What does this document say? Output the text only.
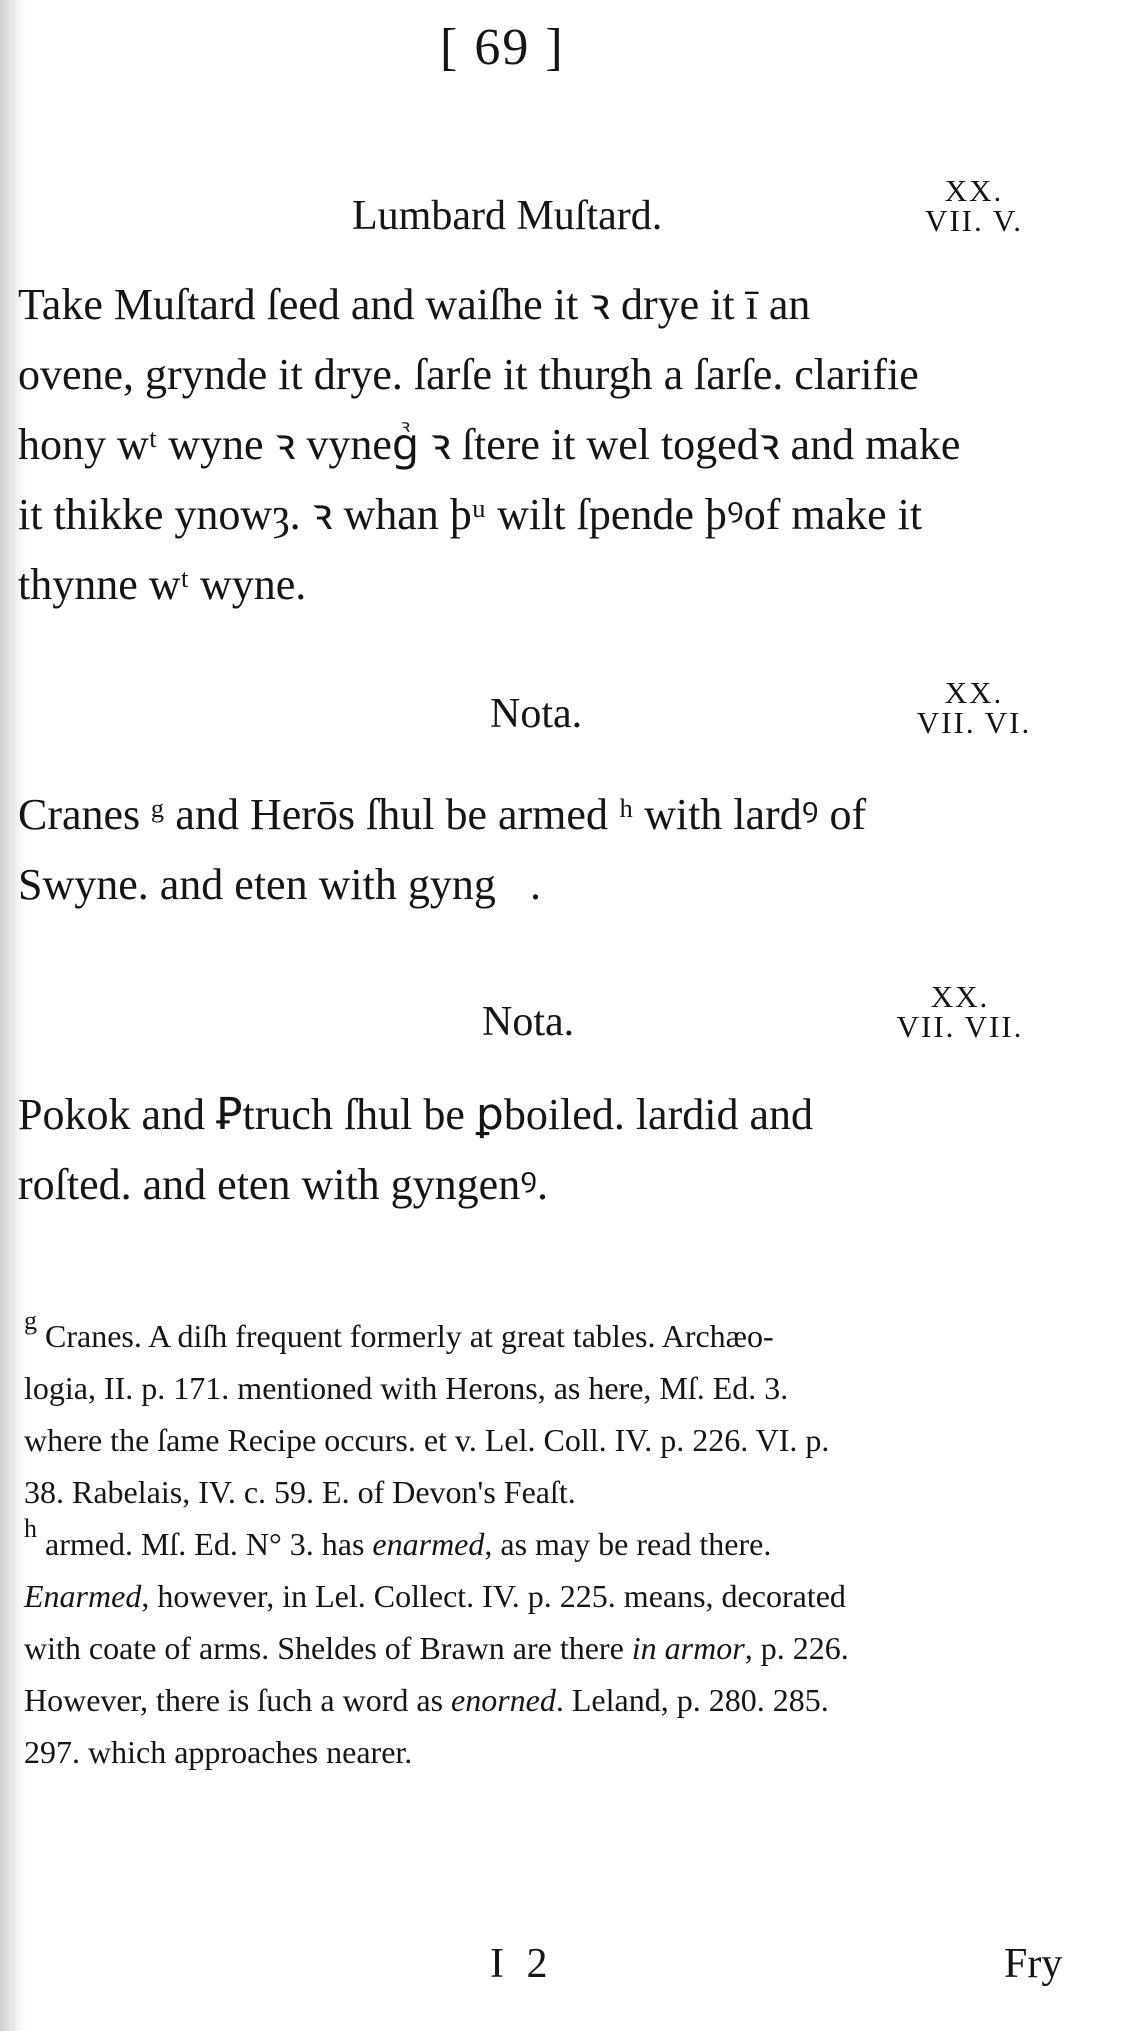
[ 69 ]
Lumbard Muſtard.
XX.
VII. V.
Take Muſtard ſeed and waiſhe it ꝛ drye it ī an
ovene, grynde it drye. ſarſe it thurgh a ſarſe. clarifie
hony wᵗ wyne ꝛ vynegᷣ ꝛ ſtere it wel togedꝛ and make
it thikke ynowȝ. ꝛ whan þᵘ wilt ſpende þꝰof make it
thynne wᵗ wyne.
Nota.	XX.
VII. VI.
Cranes ᵍ and Herōs ſhul be armed ʰ with lardꝰ of
Swyne. and eten with gyngᷣ.
Nota.
XX.
VII. VII.
Pokok and Ꝑtruch ſhul be ꝑboiled. lardid and
roſted. and eten with gyngenꝰ.
$^g$ Cranes. A diſh frequent formerly at great tables. Archæo-
logia, II. p. 171. mentioned with Herons, as here, Mſ. Ed. 3.
where the ſame Recipe occurs. et v. Lel. Coll. IV. p. 226. VI. p.
38. Rabelais, IV. c. 59. E. of Devon's Feaſt.
$^h$ armed. Mſ. Ed. N° 3. has enarmed, as may be read there.
Enarmed, however, in Lel. Collect. IV. p. 225. means, decorated
with coate of arms. Sheldes of Brawn are there in armor, p. 226.
However, there is ſuch a word as enorned. Leland, p. 280. 285.
297. which approaches nearer.
I 2	Fry
